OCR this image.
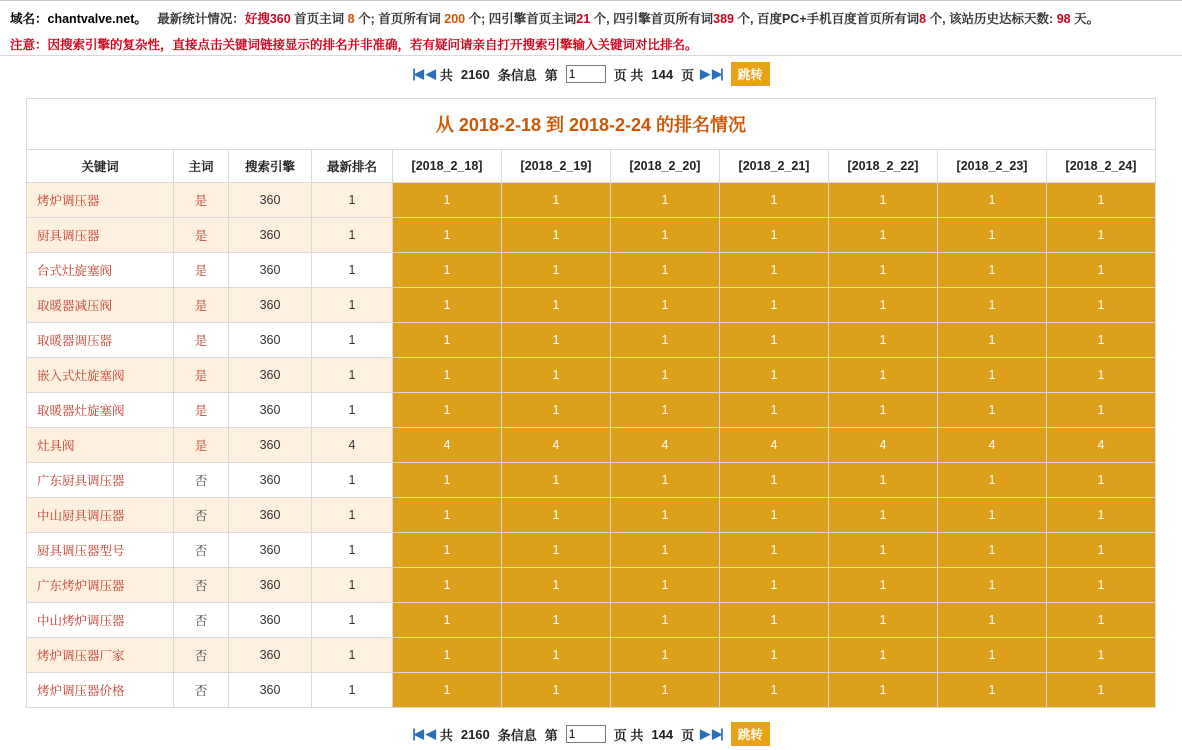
域名：chantvalve.net。 最新统计情况：好搜360 首页主词 8 个; 首页所有词 200 个; 四引擎首页主词21 个, 四引擎首页所有词389 个, 百度PC+手机百度首页所有词8 个, 该站历史达标天数: 98 天。
注意：因搜索引擎的复杂性，直接点击关键词链接显示的排名并非准确，若有疑问请亲自打开搜索引擎输入关键词对比排名。
|◀ ◀ 共 2160 条信息 第
1	页 共 144 页 ▶ ▶|	跳转
从 2018-2-18 到 2018-2-24 的排名情况
关键词	主词	搜索引擎	最新排名	[2018_2_18]	[2018_2_19]	[2018_2_20]	[2018_2_21]	[2018_2_22]	[2018_2_23]	[2018_2_24]
烤炉调压器	是	360	1	1	1	1	1	1	1	1
厨具调压器	是	360	1	1	1	1	1	1	1	1
台式灶旋塞阀	是	360	1	1	1	1	1	1	1	1
取暖器减压阀	是	360	1	1	1	1	1	1	1	1
取暖器调压器	是	360	1	1	1	1	1	1	1	1
嵌入式灶旋塞阀	是	360	1	1	1	1	1	1	1	1
取暖器灶旋塞阀	是	360	1	1	1	1	1	1	1	1
灶具阀	是	360	4	4	4	4	4	4	4	4
广东厨具调压器	否	360	1	1	1	1	1	1	1	1
中山厨具调压器	否	360	1	1	1	1	1	1	1	1
厨具调压器型号	否	360	1	1	1	1	1	1	1	1
广东烤炉调压器	否	360	1	1	1	1	1	1	1	1
中山烤炉调压器	否	360	1	1	1	1	1	1	1	1
烤炉调压器厂家	否	360	1	1	1	1	1	1	1	1
烤炉调压器价格	否	360	1	1	1	1	1	1	1	1
|◀ ◀ 共 2160 条信息 第
1	页 共 144 页 ▶ ▶|	跳转
